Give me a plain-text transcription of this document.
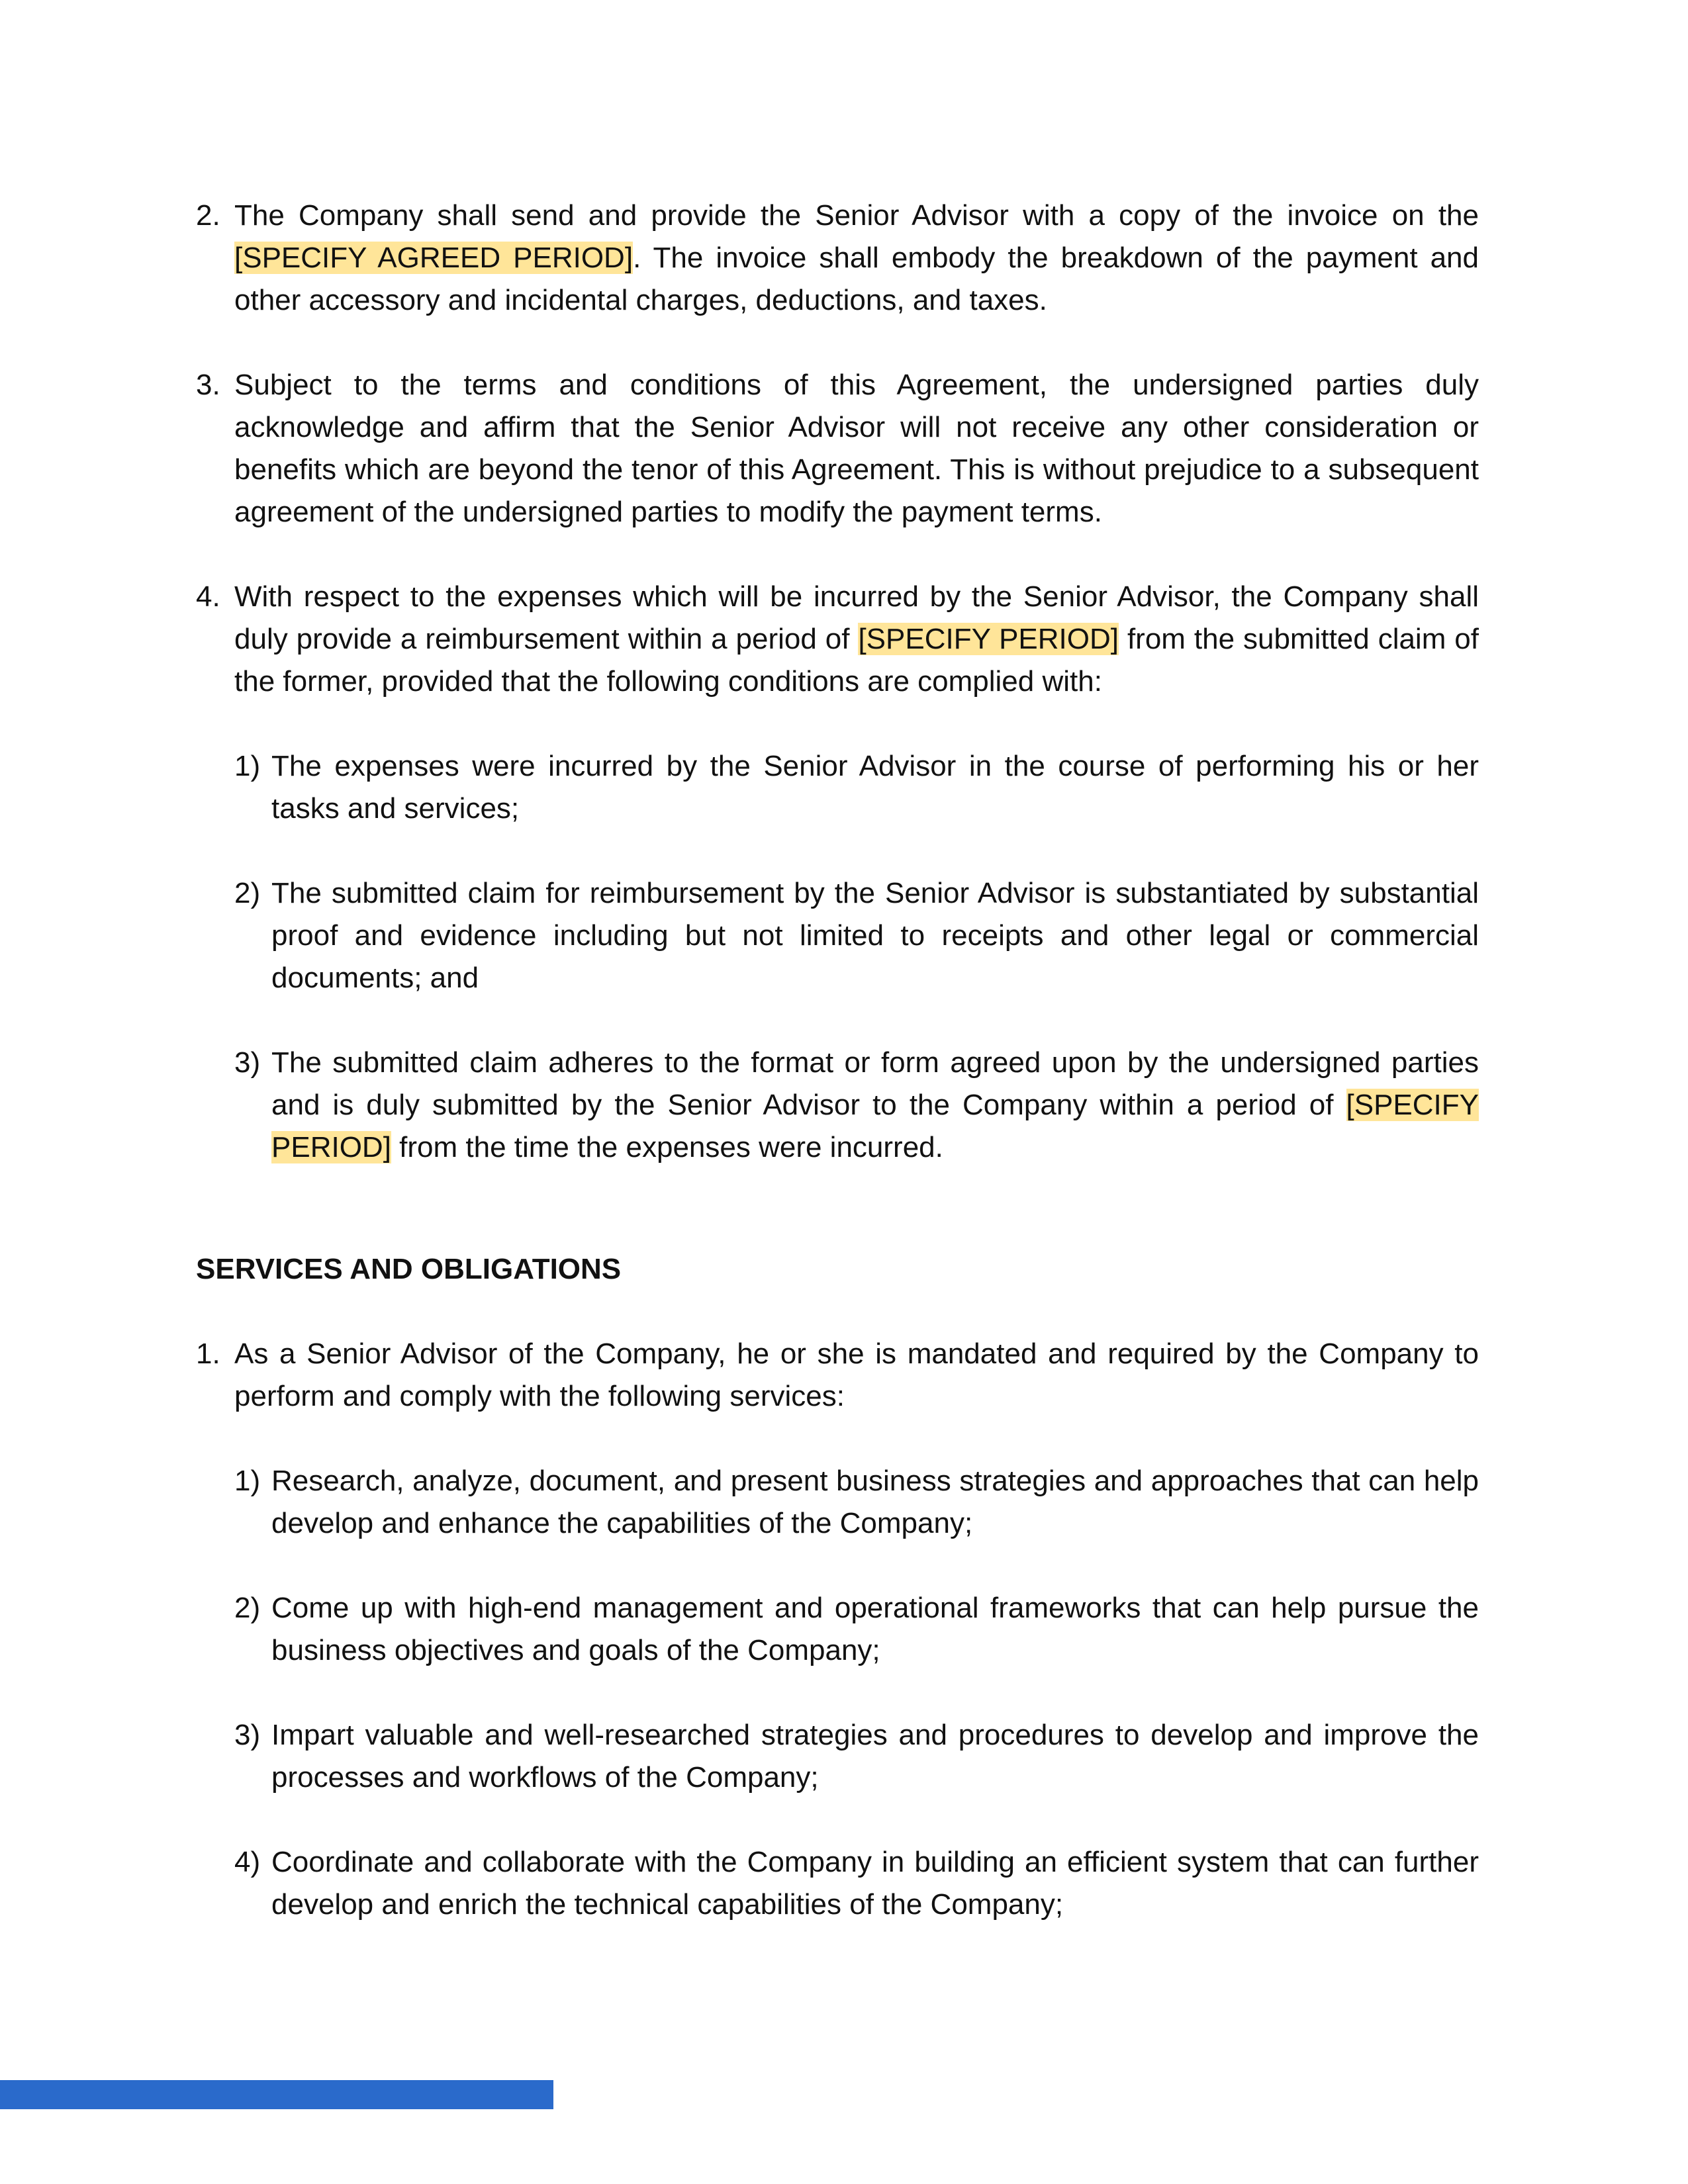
2. The Company shall send and provide the Senior Advisor with a copy of the invoice on the [SPECIFY AGREED PERIOD]. The invoice shall embody the breakdown of the payment and other accessory and incidental charges, deductions, and taxes.
3. Subject to the terms and conditions of this Agreement, the undersigned parties duly acknowledge and affirm that the Senior Advisor will not receive any other consideration or benefits which are beyond the tenor of this Agreement. This is without prejudice to a subsequent agreement of the undersigned parties to modify the payment terms.
4. With respect to the expenses which will be incurred by the Senior Advisor, the Company shall duly provide a reimbursement within a period of [SPECIFY PERIOD] from the submitted claim of the former, provided that the following conditions are complied with:
1) The expenses were incurred by the Senior Advisor in the course of performing his or her tasks and services;
2) The submitted claim for reimbursement by the Senior Advisor is substantiated by substantial proof and evidence including but not limited to receipts and other legal or commercial documents; and
3) The submitted claim adheres to the format or form agreed upon by the undersigned parties and is duly submitted by the Senior Advisor to the Company within a period of [SPECIFY PERIOD] from the time the expenses were incurred.
SERVICES AND OBLIGATIONS
1. As a Senior Advisor of the Company, he or she is mandated and required by the Company to perform and comply with the following services:
1) Research, analyze, document, and present business strategies and approaches that can help develop and enhance the capabilities of the Company;
2) Come up with high-end management and operational frameworks that can help pursue the business objectives and goals of the Company;
3) Impart valuable and well-researched strategies and procedures to develop and improve the processes and workflows of the Company;
4) Coordinate and collaborate with the Company in building an efficient system that can further develop and enrich the technical capabilities of the Company;
